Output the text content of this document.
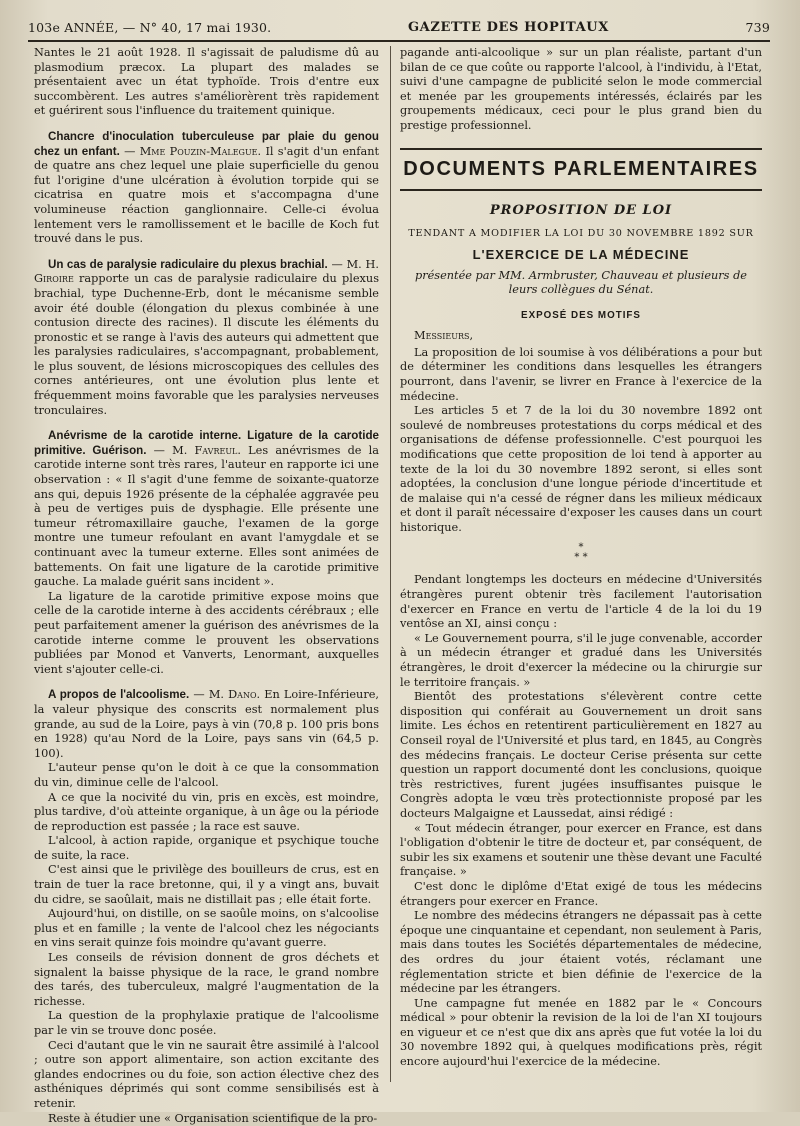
103e ANNÉE, — N° 40, 17 mai 1930.	GAZETTE DES HOPITAUX	739

Nantes le 21 août 1928. Il s'agissait de paludisme dû au plasmodium præcox. La plupart des malades se présentaient avec un état typhoïde. Trois d'entre eux succombèrent. Les autres s'améliorèrent très rapidement et guérirent sous l'influence du traitement quinique.

Chancre d'inoculation tuberculeuse par plaie du genou chez un enfant. — Mme Pouzin-Malegue. Il s'agit d'un enfant de quatre ans chez lequel une plaie superficielle du genou fut l'origine d'une ulcération à évolution torpide qui se cicatrisa en quatre mois et s'accompagna d'une volumineuse réaction ganglionnaire. Celle-ci évolua lentement vers le ramollissement et le bacille de Koch fut trouvé dans le pus.

Un cas de paralysie radiculaire du plexus brachial. — M. H. Giroire rapporte un cas de paralysie radiculaire du plexus brachial, type Duchenne-Erb, dont le mécanisme semble avoir été double (élongation du plexus combinée à une contusion directe des racines). Il discute les éléments du pronostic et se range à l'avis des auteurs qui admettent que les paralysies radiculaires, s'accompagnant, probablement, le plus souvent, de lésions microscopiques des cellules des cornes antérieures, ont une évolution plus lente et fréquemment moins favorable que les paralysies nerveuses tronculaires.

Anévrisme de la carotide interne. Ligature de la carotide primitive. Guérison. — M. Favreul. Les anévrismes de la carotide interne sont très rares, l'auteur en rapporte ici une observation : « Il s'agit d'une femme de soixante-quatorze ans qui, depuis 1926 présente de la céphalée aggravée peu à peu de vertiges puis de dysphagie. Elle présente une tumeur rétromaxillaire gauche, l'examen de la gorge montre une tumeur refoulant en avant l'amygdale et se continuant avec la tumeur externe. Elles sont animées de battements. On fait une ligature de la carotide primitive gauche. La malade guérit sans incident ».

La ligature de la carotide primitive expose moins que celle de la carotide interne à des accidents cérébraux ; elle peut parfaitement amener la guérison des anévrismes de la carotide interne comme le prouvent les observations publiées par Monod et Vanverts, Lenormant, auxquelles vient s'ajouter celle-ci.

A propos de l'alcoolisme. — M. Dano. En Loire-Inférieure, la valeur physique des conscrits est normalement plus grande, au sud de la Loire, pays à vin (70,8 p. 100 pris bons en 1928) qu'au Nord de la Loire, pays sans vin (64,5 p. 100).

L'auteur pense qu'on le doit à ce que la consommation du vin, diminue celle de l'alcool.

A ce que la nocivité du vin, pris en excès, est moindre, plus tardive, d'où atteinte organique, à un âge ou la période de reproduction est passée ; la race est sauve.

L'alcool, à action rapide, organique et psychique touche de suite, la race.

C'est ainsi que le privilège des bouilleurs de crus, est en train de tuer la race bretonne, qui, il y a vingt ans, buvait du cidre, se saoûlait, mais ne distillait pas ; elle était forte.

Aujourd'hui, on distille, on se saoûle moins, on s'alcoolise plus et en famille ; la vente de l'alcool chez les négociants en vins serait quinze fois moindre qu'avant guerre.

Les conseils de révision donnent de gros déchets et signalent la baisse physique de la race, le grand nombre des tarés, des tuberculeux, malgré l'augmentation de la richesse.

La question de la prophylaxie pratique de l'alcoolisme par le vin se trouve donc posée.

Ceci d'autant que le vin ne saurait être assimilé à l'alcool ; outre son apport alimentaire, son action excitante des glandes endocrines ou du foie, son action élective chez des asthéniques déprimés qui sont comme sensibilisés est à retenir.

Reste à étudier une « Organisation scientifique de la pro-

pagande anti-alcoolique » sur un plan réaliste, partant d'un bilan de ce que coûte ou rapporte l'alcool, à l'individu, à l'Etat, suivi d'une campagne de publicité selon le mode commercial et menée par les groupements intéressés, éclairés par les groupements médicaux, ceci pour le plus grand bien du prestige professionnel.

DOCUMENTS PARLEMENTAIRES
PROPOSITION DE LOI
TENDANT A MODIFIER LA LOI DU 30 NOVEMBRE 1892 SUR
L'EXERCICE DE LA MÉDECINE
présentée par MM. Armbruster, Chauveau et plusieurs de leurs collègues du Sénat.
EXPOSÉ DES MOTIFS
Messieurs,

La proposition de loi soumise à vos délibérations a pour but de déterminer les conditions dans lesquelles les étrangers pourront, dans l'avenir, se livrer en France à l'exercice de la médecine.

Les articles 5 et 7 de la loi du 30 novembre 1892 ont soulevé de nombreuses protestations du corps médical et des organisations de défense professionnelle. C'est pourquoi les modifications que cette proposition de loi tend à apporter au texte de la loi du 30 novembre 1892 seront, si elles sont adoptées, la conclusion d'une longue période d'incertitude et de malaise qui n'a cessé de régner dans les milieux médicaux et dont il paraît nécessaire d'exposer les causes dans un court historique.

*
* *

Pendant longtemps les docteurs en médecine d'Universités étrangères purent obtenir très facilement l'autorisation d'exercer en France en vertu de l'article 4 de la loi du 19 ventôse an XI, ainsi conçu :

« Le Gouvernement pourra, s'il le juge convenable, accorder à un médecin étranger et gradué dans les Universités étrangères, le droit d'exercer la médecine ou la chirurgie sur le territoire français. »

Bientôt des protestations s'élevèrent contre cette disposition qui conférait au Gouvernement un droit sans limite. Les échos en retentirent particulièrement en 1827 au Conseil royal de l'Université et plus tard, en 1845, au Congrès des médecins français. Le docteur Cerise présenta sur cette question un rapport documenté dont les conclusions, quoique très restrictives, furent jugées insuffisantes puisque le Congrès adopta le vœu très protectionniste proposé par les docteurs Malgaigne et Laussedat, ainsi rédigé :

« Tout médecin étranger, pour exercer en France, est dans l'obligation d'obtenir le titre de docteur et, par conséquent, de subir les six examens et soutenir une thèse devant une Faculté française. »

C'est donc le diplôme d'Etat exigé de tous les médecins étrangers pour exercer en France.

Le nombre des médecins étrangers ne dépassait pas à cette époque une cinquantaine et cependant, non seulement à Paris, mais dans toutes les Sociétés départementales de médecine, des ordres du jour étaient votés, réclamant une réglementation stricte et bien définie de l'exercice de la médecine par les étrangers.

Une campagne fut menée en 1882 par le « Concours médical » pour obtenir la revision de la loi de l'an XI toujours en vigueur et ce n'est que dix ans après que fut votée la loi du 30 novembre 1892 qui, à quelques modifications près, régit encore aujourd'hui l'exercice de la médecine.
